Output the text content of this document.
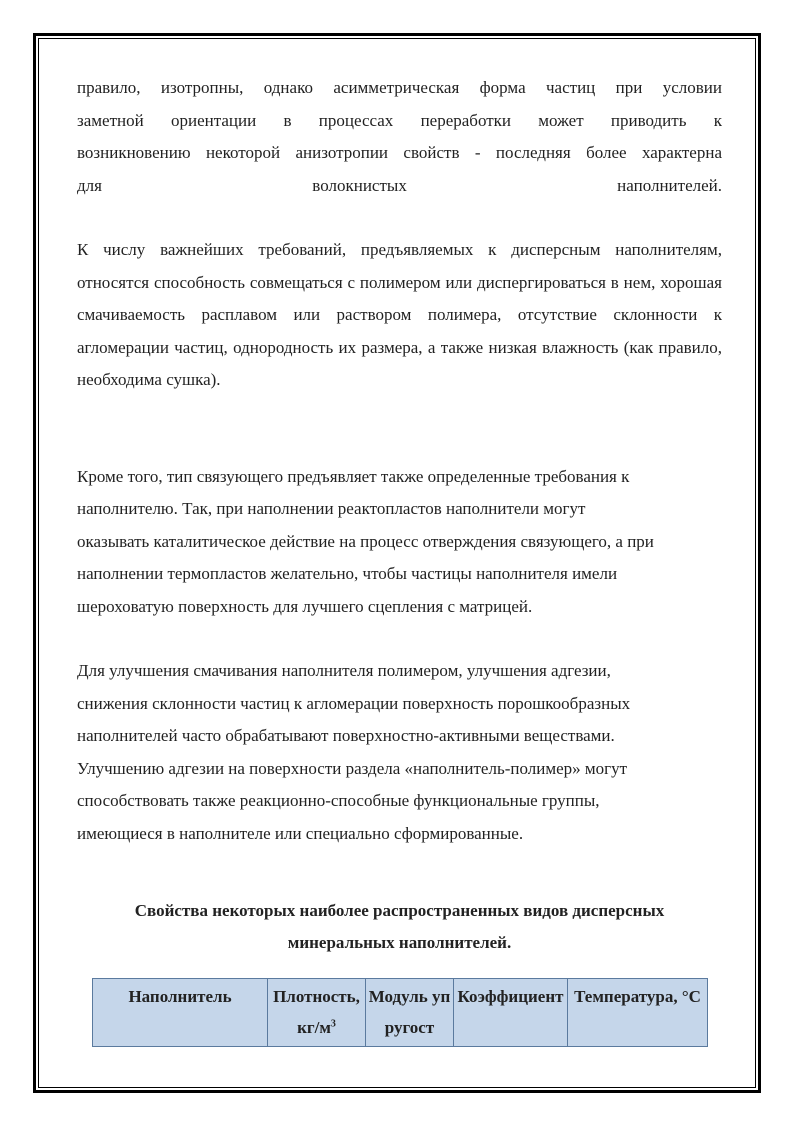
правило, изотропны, однако асимметрическая форма частиц при условии

заметной ориентации в процессах переработки может приводить к

возникновению некоторой анизотропии свойств - последняя более характерна

для волокнистых наполнителей.

К числу важнейших требований, предъявляемых к дисперсным наполнителям, относятся способность совмещаться с полимером или диспергироваться в нем, хорошая смачиваемость расплавом или раствором полимера, отсутствие склонности к агломерации частиц, однородность их размера, а также низкая влажность (как правило, необходима сушка).

Кроме того, тип связующего предъявляет также определенные требования к

наполнителю. Так, при наполнении реактопластов наполнители могут

оказывать каталитическое действие на процесс отверждения связующего, а при

наполнении термопластов желательно, чтобы частицы наполнителя имели

шероховатую поверхность для лучшего сцепления с матрицей.

Для улучшения смачивания наполнителя полимером, улучшения адгезии,

снижения склонности частиц к агломерации поверхность порошкообразных

наполнителей часто обрабатывают поверхностно-активными веществами.

Улучшению адгезии на поверхности раздела «наполнитель-полимер» могут

способствовать также реакционно-способные функциональные группы,

имеющиеся в наполнителе или специально сформированные.

Свойства некоторых наиболее распространенных видов дисперсных
минеральных наполнителей.
Наполнитель	Плотность, $кг/м^3$	Модуль упругост	Коэффициент	Температура, °С
